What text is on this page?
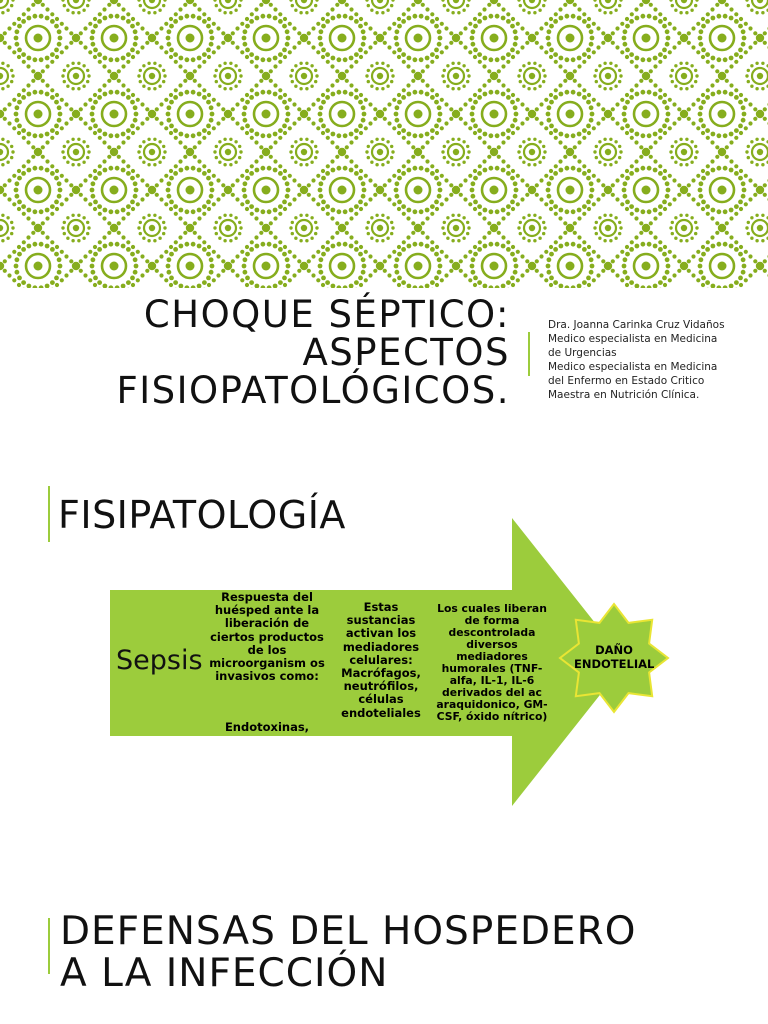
CHOQUE SÉPTICO:
ASPECTOS
FISIOPATOLÓGICOS.
Dra. Joanna Carinka Cruz Vidaños
Medico especialista en Medicina
de Urgencias
Medico especialista en Medicina
del Enfermo en Estado Critico
Maestra en Nutrición Clínica.
FISIPATOLOGÍA
Sepsis
Respuesta del huésped ante la liberación de ciertos productos de los microorganism os invasivos como:
Endotoxinas,
Estas sustancias activan los mediadores celulares: Macrófagos, neutrófilos, células endoteliales
Los cuales liberan de forma descontrolada diversos mediadores humorales (TNF-alfa, IL-1, IL-6 derivados del ac araquidonico, GM-CSF, óxido nítrico)
DAÑO ENDOTELIAL
DEFENSAS DEL HOSPEDERO
A LA INFECCIÓN
